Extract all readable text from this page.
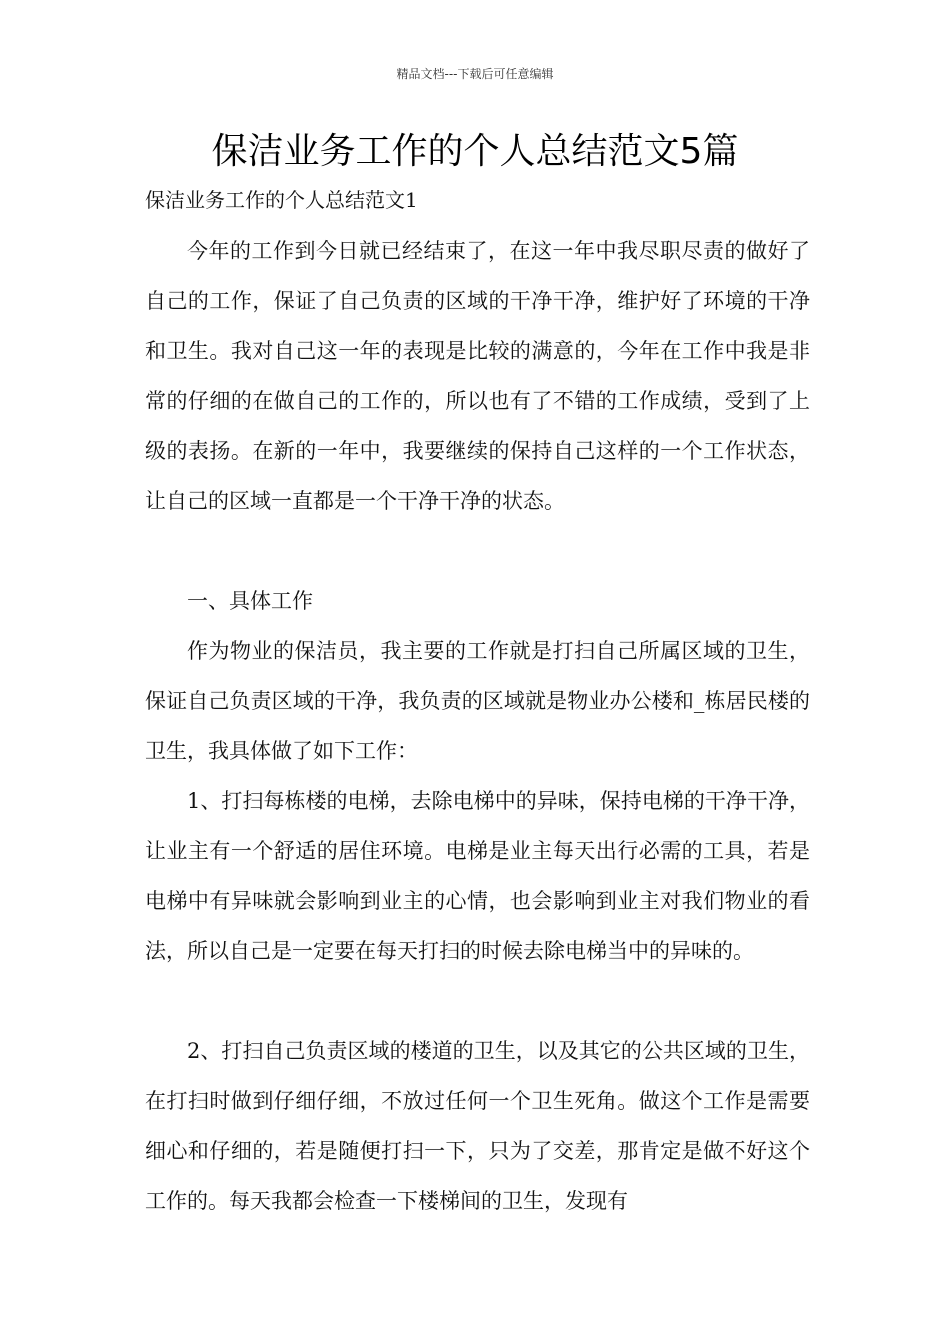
精品文档---下载后可任意编辑
保洁业务工作的个人总结范文5篇
保洁业务工作的个人总结范文1

今年的工作到今日就已经结束了，在这一年中我尽职尽责的做好了自己的工作，保证了自己负责的区域的干净干净，维护好了环境的干净和卫生。我对自己这一年的表现是比较的满意的，今年在工作中我是非常的仔细的在做自己的工作的，所以也有了不错的工作成绩，受到了上级的表扬。在新的一年中，我要继续的保持自己这样的一个工作状态，让自己的区域一直都是一个干净干净的状态。

一、具体工作

作为物业的保洁员，我主要的工作就是打扫自己所属区域的卫生，保证自己负责区域的干净，我负责的区域就是物业办公楼和_栋居民楼的卫生，我具体做了如下工作：

1、打扫每栋楼的电梯，去除电梯中的异味，保持电梯的干净干净，让业主有一个舒适的居住环境。电梯是业主每天出行必需的工具，若是电梯中有异味就会影响到业主的心情，也会影响到业主对我们物业的看法，所以自己是一定要在每天打扫的时候去除电梯当中的异味的。

2、打扫自己负责区域的楼道的卫生，以及其它的公共区域的卫生，在打扫时做到仔细仔细，不放过任何一个卫生死角。做这个工作是需要细心和仔细的，若是随便打扫一下，只为了交差，那肯定是做不好这个工作的。每天我都会检查一下楼梯间的卫生，发现有
